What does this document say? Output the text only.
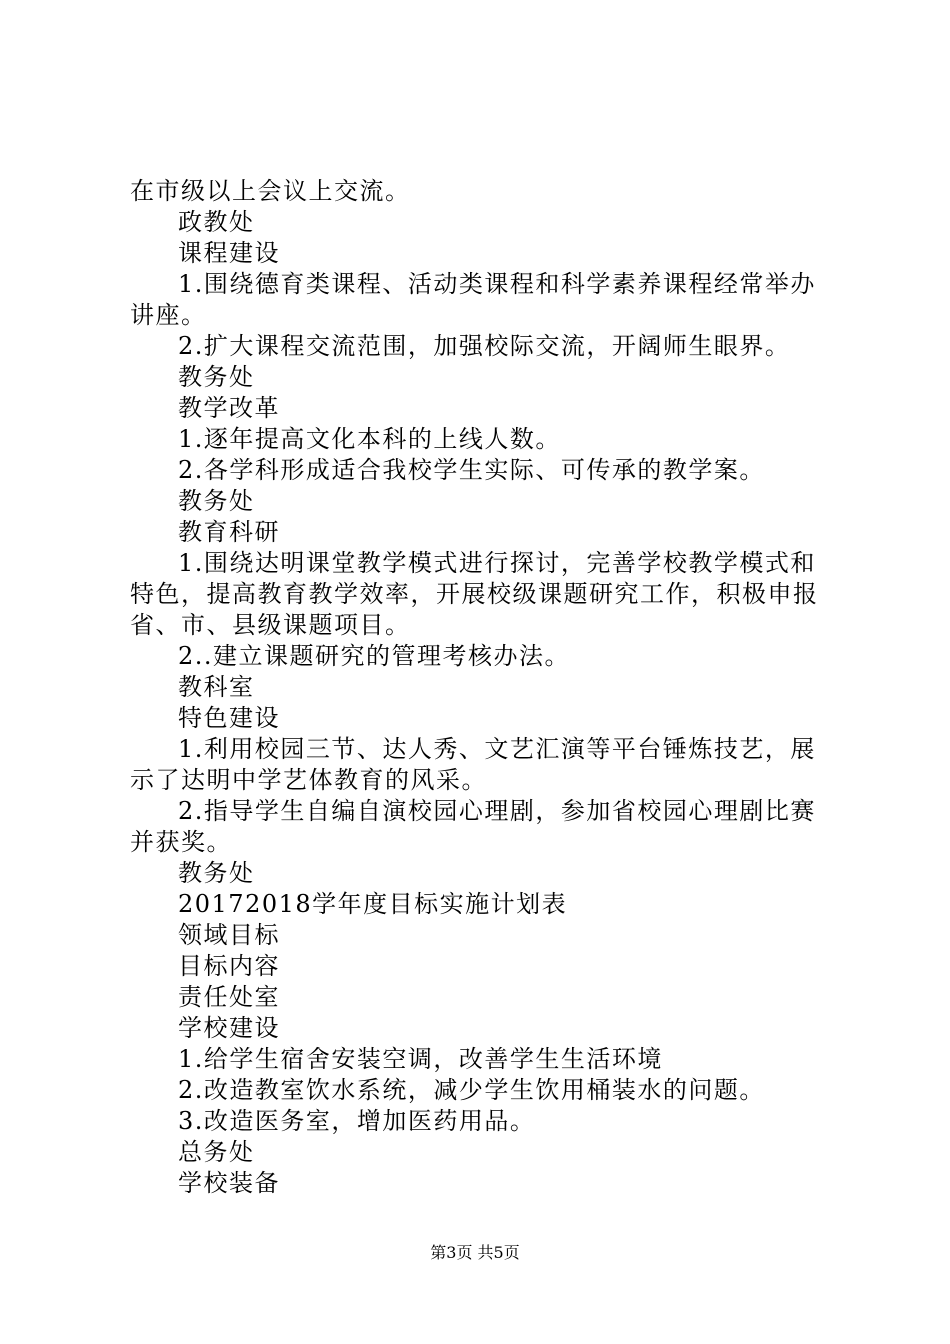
在市级以上会议上交流。
政教处
课程建设
1.围绕德育类课程、活动类课程和科学素养课程经常举办
讲座。
2.扩大课程交流范围，加强校际交流，开阔师生眼界。
教务处
教学改革
1.逐年提高文化本科的上线人数。
2.各学科形成适合我校学生实际、可传承的教学案。
教务处
教育科研
1.围绕达明课堂教学模式进行探讨，完善学校教学模式和
特色，提高教育教学效率，开展校级课题研究工作，积极申报
省、市、县级课题项目。
2..建立课题研究的管理考核办法。
教科室
特色建设
1.利用校园三节、达人秀、文艺汇演等平台锤炼技艺，展
示了达明中学艺体教育的风采。
2.指导学生自编自演校园心理剧，参加省校园心理剧比赛
并获奖。
教务处
20172018学年度目标实施计划表
领域目标
目标内容
责任处室
学校建设
1.给学生宿舍安装空调，改善学生生活环境
2.改造教室饮水系统，减少学生饮用桶装水的问题。
3.改造医务室，增加医药用品。
总务处
学校装备
第3页 共5页
